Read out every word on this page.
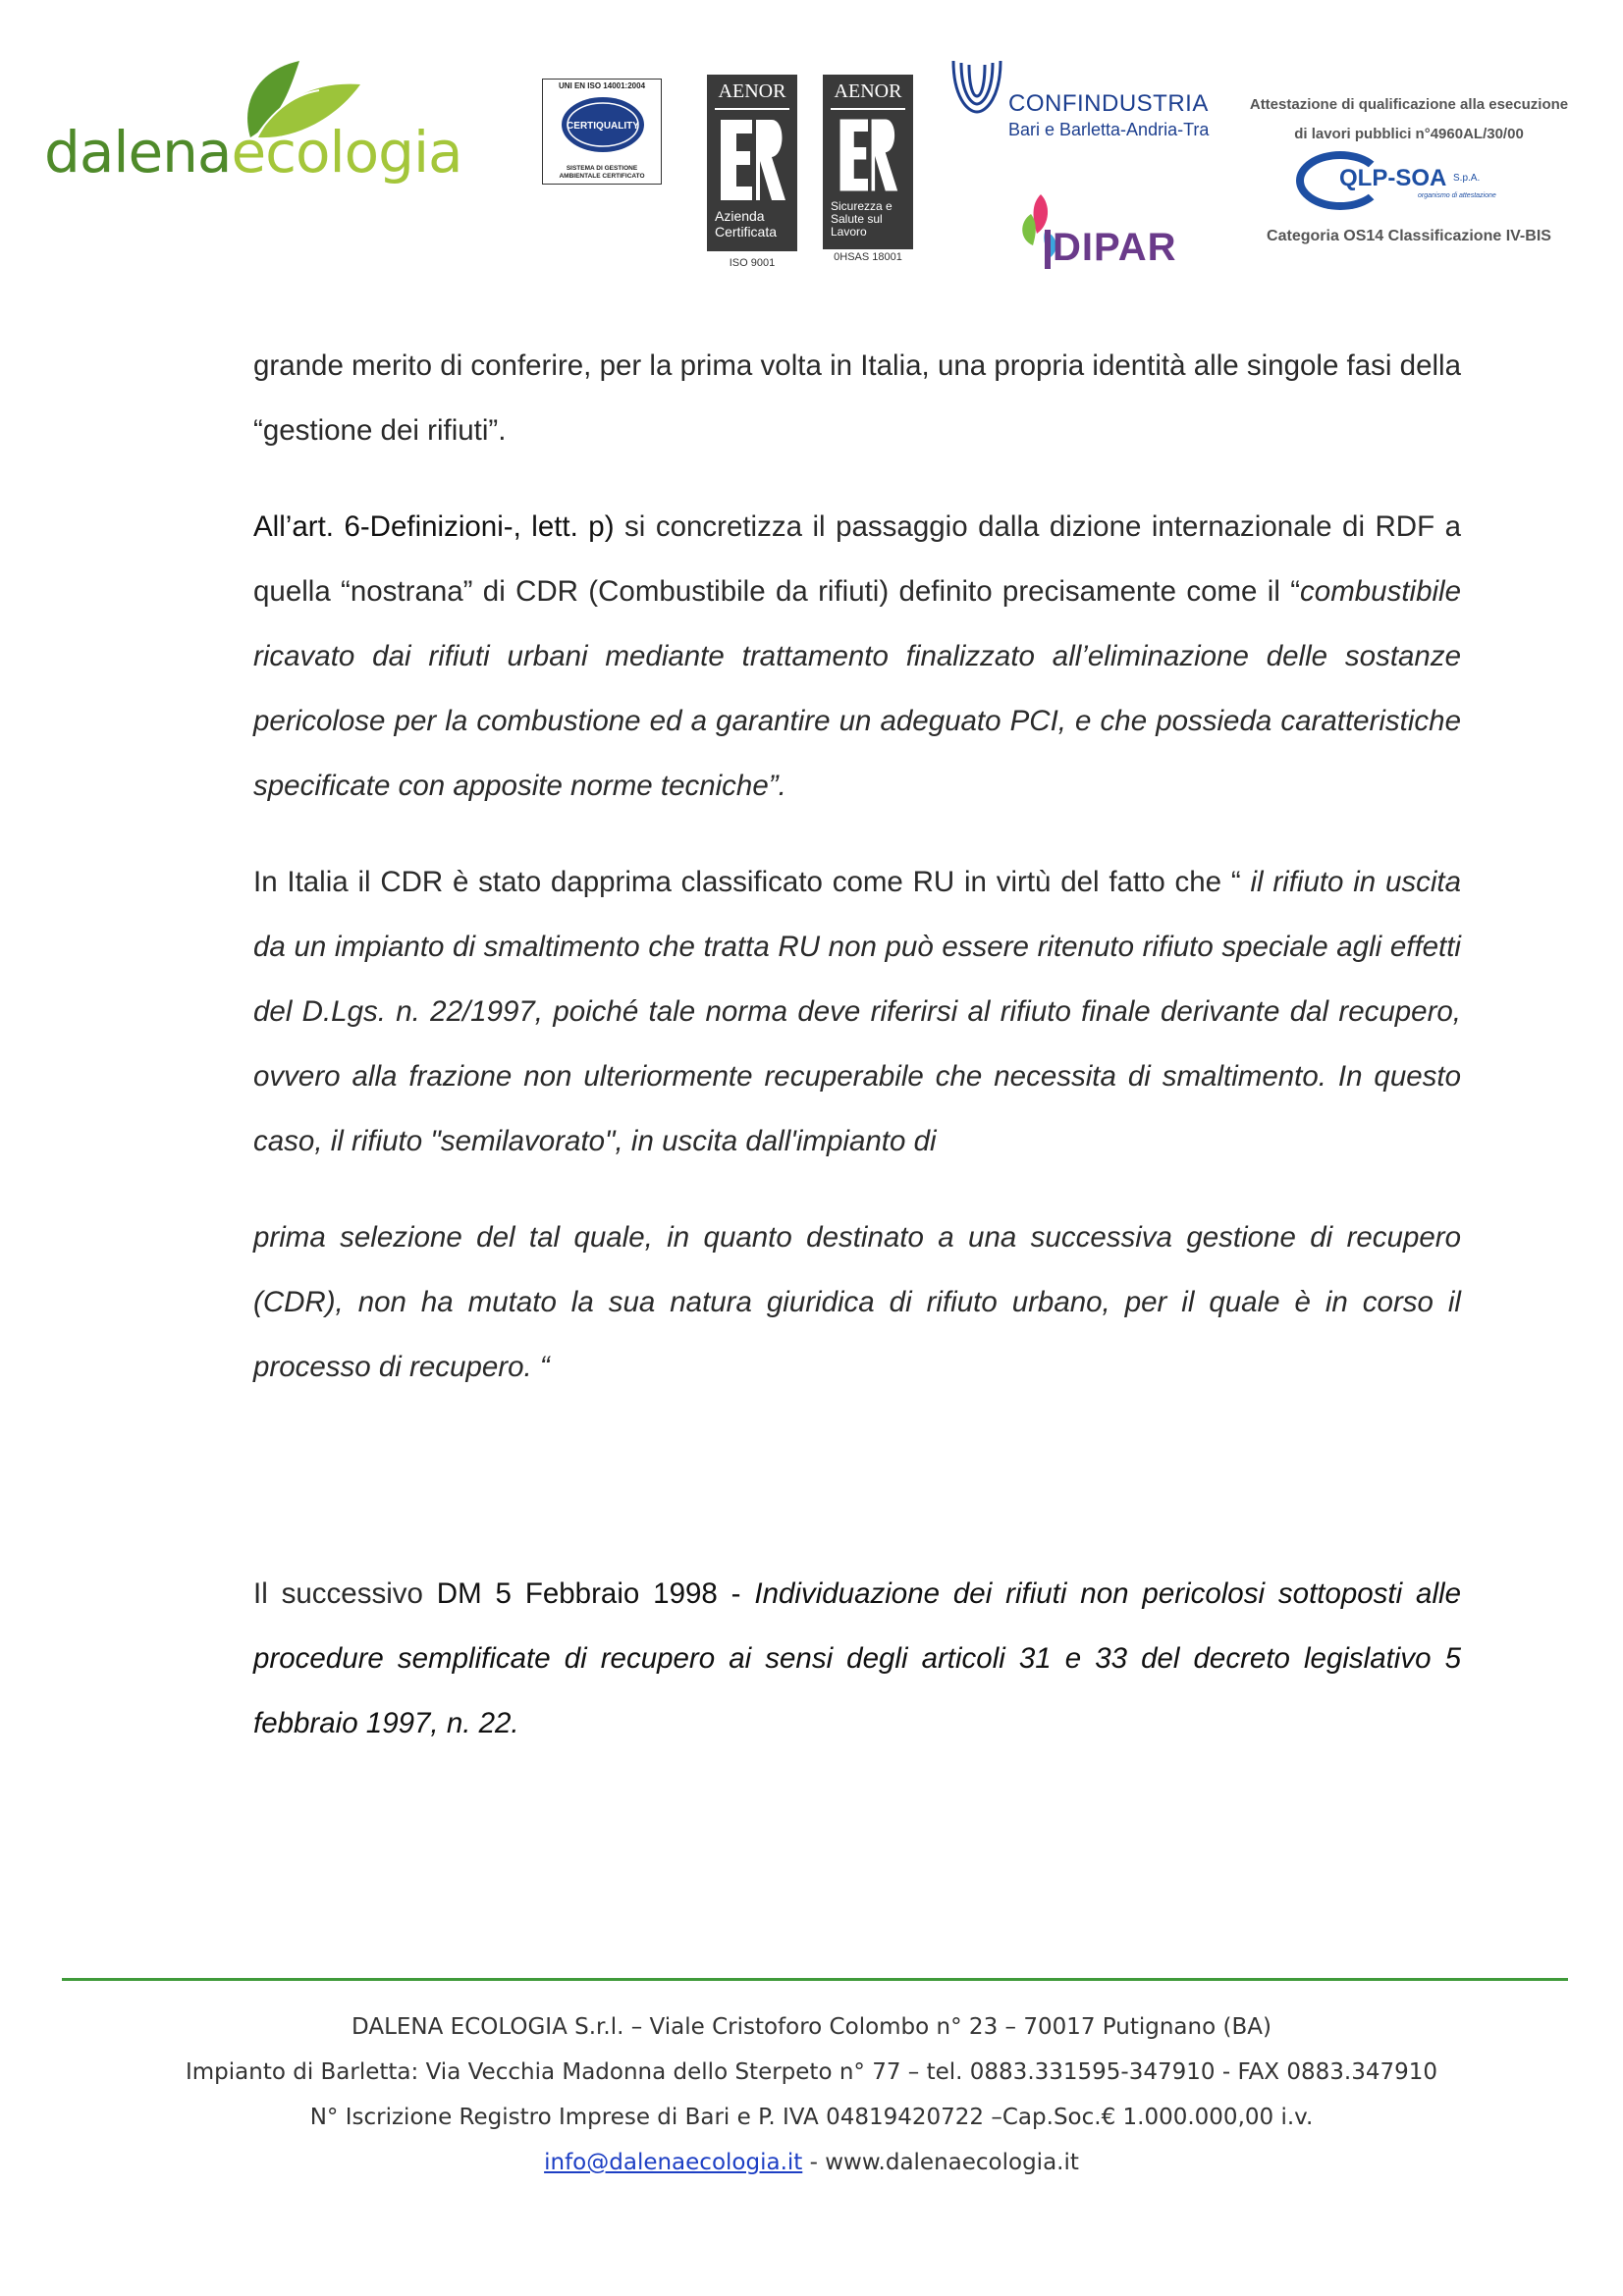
dalenaecologia
UNI EN ISO 14001:2004
CERTIQUALITY
SISTEMA DI GESTIONE AMBIENTALE CERTIFICATO
AENOR
Azienda
Certificata
ISO 9001
AENOR
Sicurezza e
Salute sul
Lavoro
0HSAS 18001
CONFINDUSTRIA
Bari e Barletta-Andria-Tra
DIPAR
Attestazione di qualificazione alla esecuzione
di lavori pubblici n°4960AL/30/00
QLP-SOA S.p.A.
organismo di attestazione
Categoria OS14 Classificazione IV-BIS

grande merito di conferire, per la prima volta in Italia, una propria identità alle singole fasi della “gestione dei rifiuti”.

All’art. 6-Definizioni-, lett. p) si concretizza il passaggio dalla dizione internazionale di RDF a quella “nostrana” di CDR (Combustibile da rifiuti) definito precisamente come il “combustibile ricavato dai rifiuti urbani mediante trattamento finalizzato all’eliminazione delle sostanze pericolose per la combustione ed a garantire un adeguato PCI, e che possieda caratteristiche specificate con apposite norme tecniche”.

In Italia il CDR è stato dapprima classificato come RU in virtù del fatto che “ il rifiuto in uscita da un impianto di smaltimento che tratta RU non può essere ritenuto rifiuto speciale agli effetti del D.Lgs. n. 22/1997, poiché tale norma deve riferirsi al rifiuto finale derivante dal recupero, ovvero alla frazione non ulteriormente recuperabile che necessita di smaltimento. In questo caso, il rifiuto "semilavorato", in uscita dall'impianto di

prima selezione del tal quale, in quanto destinato a una successiva gestione di recupero (CDR), non ha mutato la sua natura giuridica di rifiuto urbano, per il quale è in corso il processo di recupero. “

Il successivo DM 5 Febbraio 1998 - Individuazione dei rifiuti non pericolosi sottoposti alle procedure semplificate di recupero ai sensi degli articoli 31 e 33 del decreto legislativo 5 febbraio 1997, n. 22.

DALENA ECOLOGIA S.r.l. – Viale Cristoforo Colombo n° 23 – 70017 Putignano (BA)
Impianto di Barletta: Via Vecchia Madonna dello Sterpeto n° 77 – tel. 0883.331595-347910 - FAX 0883.347910
N° Iscrizione Registro Imprese di Bari e P. IVA 04819420722 –Cap.Soc.€ 1.000.000,00 i.v.
info@dalenaecologia.it - www.dalenaecologia.it
